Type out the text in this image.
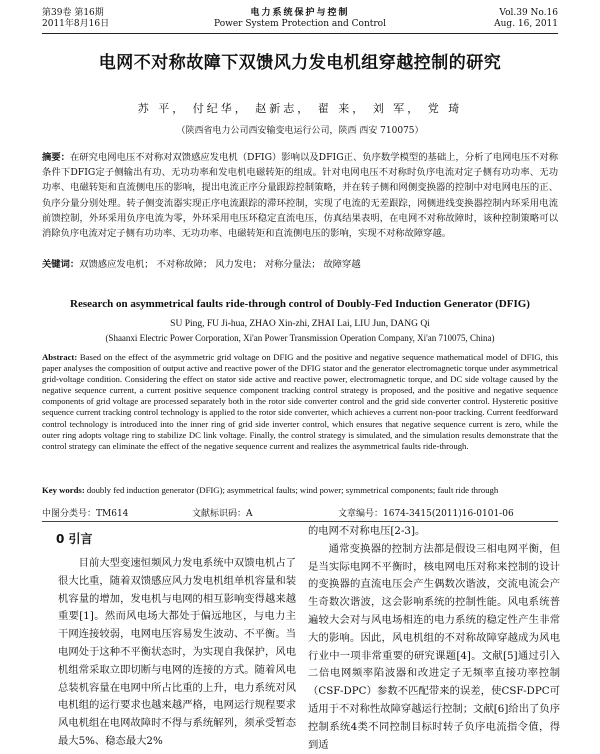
第39卷 第16期
2011年8月16日
电力系统保护与控制
Power System Protection and Control
Vol.39 No.16
Aug. 16, 2011
电网不对称故障下双馈风力发电机组穿越控制的研究
苏 平， 付纪华， 赵新志， 翟 来， 刘 军， 党 琦
（陕西省电力公司西安输变电运行公司，陕西 西安 710075）
摘要：在研究电网电压不对称对双馈感应发电机（DFIG）影响以及DFIG正、负序数学模型的基础上，分析了电网电压不对称条件下DFIG定子侧输出有功、无功功率和发电机电磁转矩的组成。针对电网电压不对称时负序电流对定子侧有功功率、无功功率、电磁转矩和直流侧电压的影响，提出电流正序分量跟踪控制策略，并在转子侧和网侧变换器的控制中对电网电压的正、负序分量分别处理。转子侧变流器实现正序电流跟踪的滞环控制，实现了电流的无差跟踪，网侧进线变换器控制内环采用电流前馈控制，外环采用负序电流为零，外环采用电压环稳定直流电压，仿真结果表明，在电网不对称故障时，该种控制策略可以消除负序电流对定子侧有功功率、无功功率、电磁转矩和直流侧电压的影响，实现不对称故障穿越。
关键词：双馈感应发电机； 不对称故障； 风力发电； 对称分量法； 故障穿越
Research on asymmetrical faults ride-through control of Doubly-Fed Induction Generator (DFIG)
SU Ping, FU Ji-hua, ZHAO Xin-zhi, ZHAI Lai, LIU Jun, DANG Qi
(Shaanxi Electric Power Corporation, Xi'an Power Transmission Operation Company, Xi'an 710075, China)
Abstract: Based on the effect of the asymmetric grid voltage on DFIG and the positive and negative sequence mathematical model of DFIG, this paper analyses the composition of output active and reactive power of the DFIG stator and the generator electromagnetic torque under asymmetrical grid-voltage condition. Considering the effect on stator side active and reactive power, electromagnetic torque, and DC side voltage caused by the negative sequence current, a current positive sequence component tracking control strategy is proposed, and the positive and negative sequence components of grid voltage are processed separately both in the rotor side converter control and the grid side converter control. Hysteretic positive sequence current tracking control technology is applied to the rotor side converter, which achieves a current non-poor tracking. Current feedforward control technology is introduced into the inner ring of grid side inverter control, which ensures that negative sequence current is zero, while the outer ring adopts voltage ring to stabilize DC link voltage. Finally, the control strategy is simulated, and the simulation results demonstrate that the control strategy can eliminate the effect of the negative sequence current and realizes the asymmetrical faults ride-through.
Key words: doubly fed induction generator (DFIG); asymmetrical faults; wind power; symmetrical components; fault ride through
中图分类号：TM614	文献标识码：A	文章编号：1674-3415(2011)16-0101-06
0 引言

目前大型变速恒频风力发电系统中双馈电机占了很大比重，随着双馈感应风力发电机组单机容量和装机容量的增加，发电机与电网的相互影响变得越来越重要[1]。然而风电场大都处于偏远地区，与电力主干网连接较弱，电网电压容易发生波动、不平衡。当电网处于这种不平衡状态时，为实现自我保护，风电机组常采取立即切断与电网的连接的方式。随着风电总装机容量在电网中所占比重的上升，电力系统对风电机组的运行要求也越来越严格，电网运行规程要求风电机组在电网故障时不得与系统解列，须承受暂态最大5%、稳态最大2%

的电网不对称电压[2-3]。

通常变换器的控制方法都是假设三相电网平衡，但是当实际电网不平衡时，核电网电压对称来控制的设计的变换器的直流电压会产生偶数次谐波，交流电流会产生奇数次谐波，这会影响系统的控制性能。风电系统普遍较大会对与风电场相连的电力系统的稳定性产生非常大的影响。因此，风电机组的不对称故障穿越成为风电行业中一项非常重要的研究课题[4]。文献[5]通过引入二倍电网频率陷波器和改进定子无频率直接功率控制（CSF-DPC）参数不匹配带来的误差，使CSF-DPC可适用于不对称性故障穿越运行控制；文献[6]给出了负序控制系统4类不同控制目标时转子负序电流指令值，得到适
